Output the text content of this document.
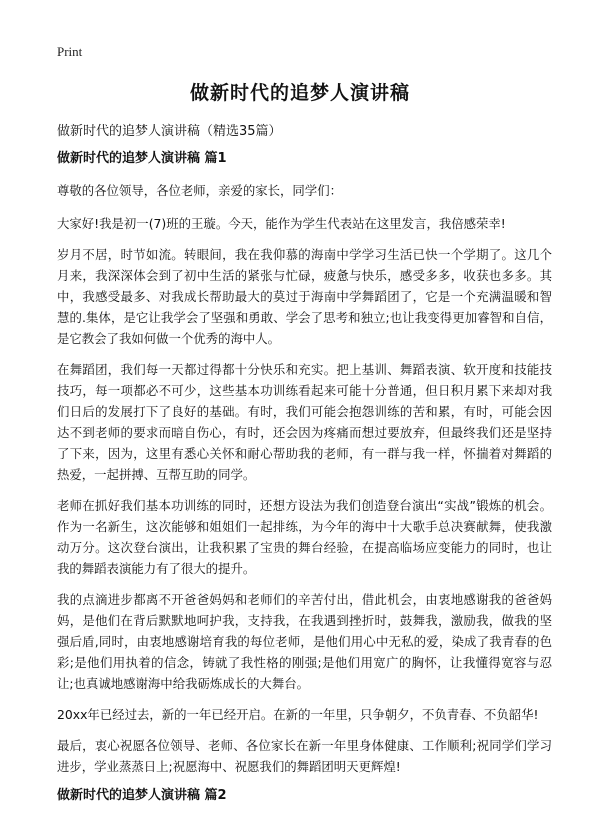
Print
做新时代的追梦人演讲稿
做新时代的追梦人演讲稿（精选35篇）
做新时代的追梦人演讲稿 篇1

尊敬的各位领导，各位老师，亲爱的家长，同学们：

大家好!我是初一(7)班的王璇。今天，能作为学生代表站在这里发言，我倍感荣幸!

岁月不居，时节如流。转眼间，我在我仰慕的海南中学学习生活已快一个学期了。这几个月来，我深深体会到了初中生活的紧张与忙碌，疲惫与快乐，感受多多，收获也多多。其中，我感受最多、对我成长帮助最大的莫过于海南中学舞蹈团了，它是一个充满温暖和智慧的.集体，是它让我学会了坚强和勇敢、学会了思考和独立;也让我变得更加睿智和自信，是它教会了我如何做一个优秀的海中人。

在舞蹈团，我们每一天都过得都十分快乐和充实。把上基训、舞蹈表演、软开度和技能技技巧，每一项都必不可少，这些基本功训练看起来可能十分普通，但日积月累下来却对我们日后的发展打下了良好的基础。有时，我们可能会抱怨训练的苦和累，有时，可能会因达不到老师的要求而暗自伤心，有时，还会因为疼痛而想过要放弃，但最终我们还是坚持了下来，因为，这里有悉心关怀和耐心帮助我的老师，有一群与我一样，怀揣着对舞蹈的热爱，一起拼搏、互帮互助的同学。

老师在抓好我们基本功训练的同时，还想方设法为我们创造登台演出“实战”锻炼的机会。作为一名新生，这次能够和姐姐们一起排练，为今年的海中十大歌手总决赛献舞，使我激动万分。这次登台演出，让我积累了宝贵的舞台经验，在提高临场应变能力的同时，也让我的舞蹈表演能力有了很大的提升。

我的点滴进步都离不开爸爸妈妈和老师们的辛苦付出，借此机会，由衷地感谢我的爸爸妈妈，是他们在背后默默地呵护我，支持我，在我遇到挫折时，鼓舞我，激励我，做我的坚强后盾,同时，由衷地感谢培育我的每位老师，是他们用心中无私的爱，染成了我青春的色彩;是他们用执着的信念，铸就了我性格的刚强;是他们用宽广的胸怀，让我懂得宽容与忍让;也真诚地感谢海中给我砺炼成长的大舞台。

20xx年已经过去，新的一年已经开启。在新的一年里，只争朝夕，不负青春、不负韶华!

最后，衷心祝愿各位领导、老师、各位家长在新一年里身体健康、工作顺利;祝同学们学习进步，学业蒸蒸日上;祝愿海中、祝愿我们的舞蹈团明天更辉煌!

做新时代的追梦人演讲稿 篇2
